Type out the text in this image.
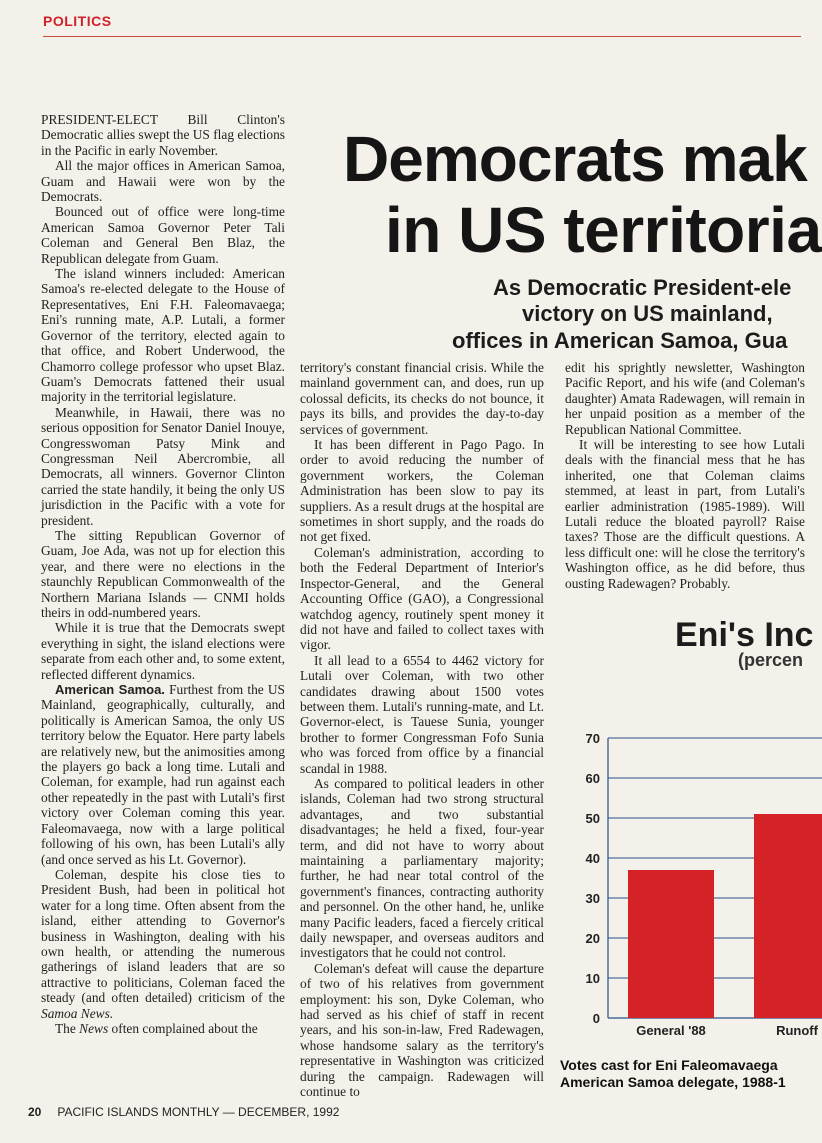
POLITICS
Democrats mak
in US territoria
As Democratic President-ele
victory on US mainland,
offices in American Samoa, Gua

PRESIDENT-ELECT Bill Clinton's Democratic allies swept the US flag elections in the Pacific in early November.

All the major offices in American Samoa, Guam and Hawaii were won by the Democrats.

Bounced out of office were long-time American Samoa Governor Peter Tali Coleman and General Ben Blaz, the Republican delegate from Guam.

The island winners included: American Samoa's re-elected delegate to the House of Representatives, Eni F.H. Faleomavaega; Eni's running mate, A.P. Lutali, a former Governor of the territory, elected again to that office, and Robert Underwood, the Chamorro college professor who upset Blaz. Guam's Democrats fattened their usual majority in the territorial legislature.

Meanwhile, in Hawaii, there was no serious opposition for Senator Daniel Inouye, Congresswoman Patsy Mink and Congressman Neil Abercrombie, all Democrats, all winners. Governor Clinton carried the state handily, it being the only US jurisdiction in the Pacific with a vote for president.

The sitting Republican Governor of Guam, Joe Ada, was not up for election this year, and there were no elections in the staunchly Republican Commonwealth of the Northern Mariana Islands — CNMI holds theirs in odd-numbered years.

While it is true that the Democrats swept everything in sight, the island elections were separate from each other and, to some extent, reflected different dynamics.

American Samoa. Furthest from the US Mainland, geographically, culturally, and politically is American Samoa, the only US territory below the Equator. Here party labels are relatively new, but the animosities among the players go back a long time. Lutali and Coleman, for example, had run against each other repeatedly in the past with Lutali's first victory over Coleman coming this year. Faleomavaega, now with a large political following of his own, has been Lutali's ally (and once served as his Lt. Governor).

Coleman, despite his close ties to President Bush, had been in political hot water for a long time. Often absent from the island, either attending to Governor's business in Washington, dealing with his own health, or attending the numerous gatherings of island leaders that are so attractive to politicians, Coleman faced the steady (and often detailed) criticism of the Samoa News.

The News often complained about the

territory's constant financial crisis. While the mainland government can, and does, run up colossal deficits, its checks do not bounce, it pays its bills, and provides the day-to-day services of government.

It has been different in Pago Pago. In order to avoid reducing the number of government workers, the Coleman Administration has been slow to pay its suppliers. As a result drugs at the hospital are sometimes in short supply, and the roads do not get fixed.

Coleman's administration, according to both the Federal Department of Interior's Inspector-General, and the General Accounting Office (GAO), a Congressional watchdog agency, routinely spent money it did not have and failed to collect taxes with vigor.

It all lead to a 6554 to 4462 victory for Lutali over Coleman, with two other candidates drawing about 1500 votes between them. Lutali's running-mate, and Lt. Governor-elect, is Tauese Sunia, younger brother to former Congressman Fofo Sunia who was forced from office by a financial scandal in 1988.

As compared to political leaders in other islands, Coleman had two strong structural advantages, and two substantial disadvantages; he held a fixed, four-year term, and did not have to worry about maintaining a parliamentary majority; further, he had near total control of the government's finances, contracting authority and personnel. On the other hand, he, unlike many Pacific leaders, faced a fiercely critical daily newspaper, and overseas auditors and investigators that he could not control.

Coleman's defeat will cause the departure of two of his relatives from government employment: his son, Dyke Coleman, who had served as his chief of staff in recent years, and his son-in-law, Fred Radewagen, whose handsome salary as the territory's representative in Washington was criticized during the campaign. Radewagen will continue to

edit his sprightly newsletter, Washington Pacific Report, and his wife (and Coleman's daughter) Amata Radewagen, will remain in her unpaid position as a member of the Republican National Committee.

It will be interesting to see how Lutali deals with the financial mess that he has inherited, one that Coleman claims stemmed, at least in part, from Lutali's earlier administration (1985-1989). Will Lutali reduce the bloated payroll? Raise taxes? Those are the difficult questions. A less difficult one: will he close the territory's Washington office, as he did before, thus ousting Radewagen? Probably.

Eni's Inc
(percen
0
10
20
30
40
50
60
70
General '88	Runoff
Votes cast for Eni Faleomavaega
American Samoa delegate, 1988-1
20 PACIFIC ISLANDS MONTHLY — DECEMBER, 1992
